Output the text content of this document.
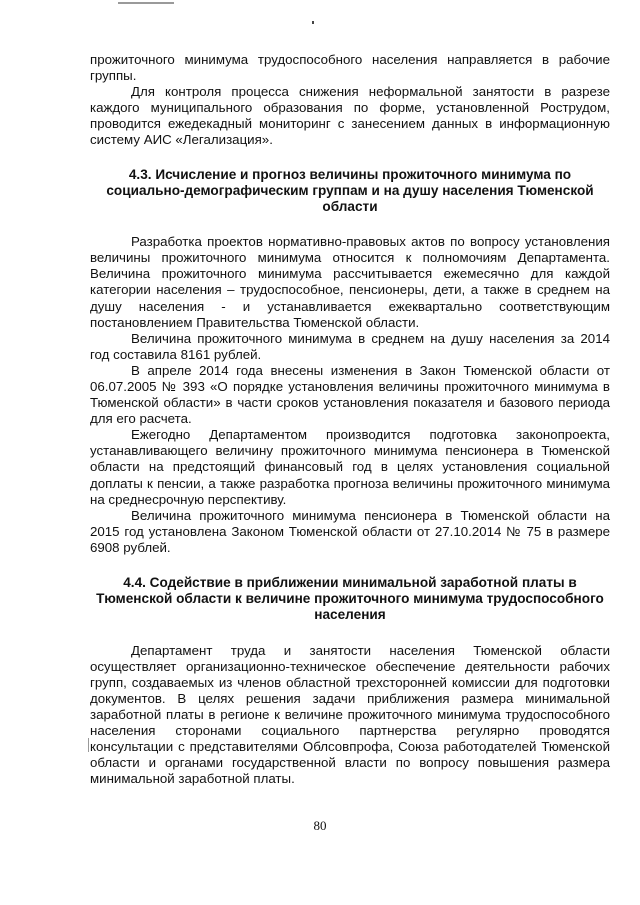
прожиточного минимума трудоспособного населения направляется в рабочие группы.

Для контроля процесса снижения неформальной занятости в разрезе каждого муниципального образования по форме, установленной Рострудом, проводится ежедекадный мониторинг с занесением данных в информационную систему АИС «Легализация».

4.3. Исчисление и прогноз величины прожиточного минимума по социально-демографическим группам и на душу населения Тюменской области

Разработка проектов нормативно-правовых актов по вопросу установления величины прожиточного минимума относится к полномочиям Департамента. Величина прожиточного минимума рассчитывается ежемесячно для каждой категории населения – трудоспособное, пенсионеры, дети, а также в среднем на душу населения - и устанавливается ежеквартально соответствующим постановлением Правительства Тюменской области.

Величина прожиточного минимума в среднем на душу населения за 2014 год составила 8161 рублей.

В апреле 2014 года внесены изменения в Закон Тюменской области от 06.07.2005 № 393 «О порядке установления величины прожиточного минимума в Тюменской области» в части сроков установления показателя и базового периода для его расчета.

Ежегодно Департаментом производится подготовка законопроекта, устанавливающего величину прожиточного минимума пенсионера в Тюменской области на предстоящий финансовый год в целях установления социальной доплаты к пенсии, а также разработка прогноза величины прожиточного минимума на среднесрочную перспективу.

Величина прожиточного минимума пенсионера в Тюменской области на 2015 год установлена Законом Тюменской области от 27.10.2014 № 75 в размере 6908 рублей.

4.4. Содействие в приближении минимальной заработной платы в Тюменской области к величине прожиточного минимума трудоспособного населения

Департамент труда и занятости населения Тюменской области осуществляет организационно-техническое обеспечение деятельности рабочих групп, создаваемых из членов областной трехсторонней комиссии для подготовки документов. В целях решения задачи приближения размера минимальной заработной платы в регионе к величине прожиточного минимума трудоспособного населения сторонами социального партнерства регулярно проводятся консультации с представителями Облсовпрофа, Союза работодателей Тюменской области и органами государственной власти по вопросу повышения размера минимальной заработной платы.

80
